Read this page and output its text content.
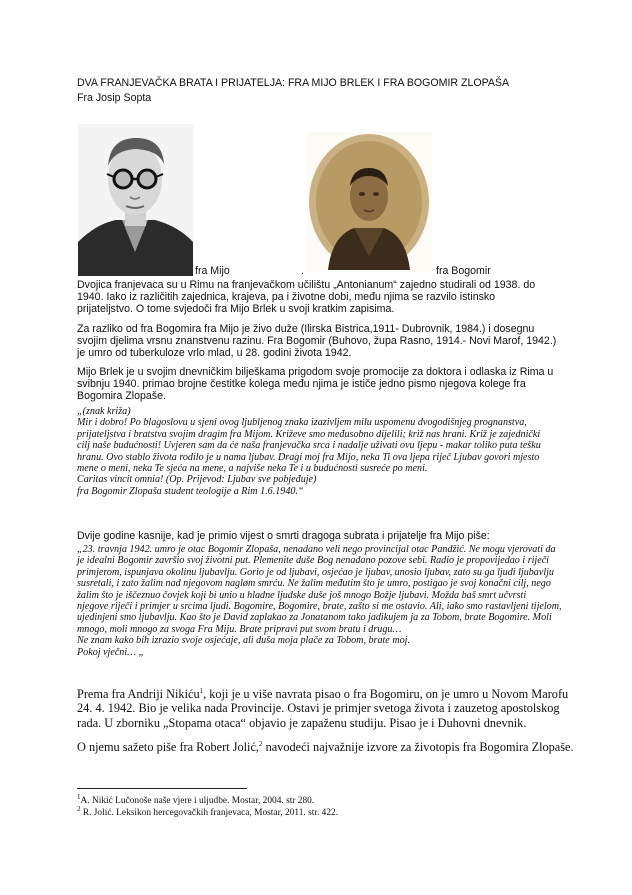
DVA FRANJEVAČKA BRATA I PRIJATELJA: FRA MIJO BRLEK I FRA BOGOMIR ZLOPAŠA
Fra Josip Sopta
fra Mijo	.	fra Bogomir
Dvojica franjevaca su u Rimu na franjevačkom učilištu „Antonianum“ zajedno studirali od 1938. do
1940. Iako iz različitih zajednica, krajeva, pa i životne dobi, među njima se razvilo istinsko
prijateljstvo. O tome svjedoči fra Mijo Brlek u svoji kratkim zapisima.
Za razliko od fra Bogomira fra Mijo je živo duže (Ilirska Bistrica,1911- Dubrovnik, 1984.) i dosegnu
svojim djelima vrsnu znanstvenu razinu. Fra Bogomir (Buhovo, župa Rasno, 1914.- Novi Marof, 1942.)
je umro od tuberkuloze vrlo mlad, u 28. godini života 1942.
Mijo Brlek je u svojim dnevničkim bilješkama prigodom svoje promocije za doktora i odlaska iz Rima u
svibnju 1940. primao brojne čestitke kolega među njima je ističe jedno pismo njegova kolege fra
Bogomira Zlopaše.
„(znak križa)
Mir i dobro! Po blagoslovu u sjeni ovog ljubljenog znaka izazivljem milu uspomenu dvogodišnjeg prognanstva,
prijateljstva i bratstva svojim dragim fra Mijom. Križeve smo međusobno dijelili; križ nas hrani. Križ je zajednički
cilj naše budućnosti! Uvjeren sam da će naša franjevačka srca i nadalje uživati ovu ljepu - makar toliko puta tešku
hranu. Ovo stablo života rodilo je u nama ljubav. Dragi moj fra Mijo, neka Ti ova ljepa riječ Ljubav govori mjesto
mene o meni, neka Te sjeća na mene, a najviše neka Te i u budućnosti susreće po meni.
Caritas vincit omnia! (Op. Prijevod: Ljubav sve pobjeđuje)
fra Bogomir Zlopaša student teologije a Rim 1.6.1940.“
Dvije godine kasnije, kad je primio vijest o smrti dragoga subrata i prijatelje fra Mijo piše:
„23. travnja 1942. umro je otac Bogomir Zlopaša, nenadano veli nego provincijal otac Pandžić. Ne mogu vjerovati da
je idealni Bogomir završio svoj životni put. Plemenite duše Bog nenadano pozove sebi. Radio je propovijedao i riječi
primjerom, ispunjava okolinu ljubavlju. Gorio je od ljubavi, osjećao je ljubav, unosio ljubav, zato su ga ljudi ljubavlju
susretali, i zato žalim nad njegovom nagløm smrću. Ne žalim međutim što je umro, postigao je svoj konačni cilj, nego
žalim što je iščeznuo čovjek koji bi unio u hladne ljudske duše još mnogo Božje ljubavi. Možda baš smrt učvrsti
njegove riječi i primjer u srcima ljudi. Bogomire, Bogomire, brate, zašto si me ostavio. Ali, iako smo rastavljeni tijelom,
ujedinjeni smo ljubavlju. Kao što je David zaplakao za Jonatanom tako jadikujem ja za Tobom, brate Bogomire. Moli
mnogo, moli mnogo za svoga Fra Miju. Brate pripravi put svom bratu i drugu…
Ne znam kako bih izrazio svoje osjećaje, ali duša moja plače za Tobom, brate moj.
Pokoj vječni… „
Prema fra Andriji Nikiću$^1$, koji je u više navrata pisao o fra Bogomiru, on je umro u Novom Marofu
24. 4. 1942. Bio je velika nada Provincije. Ostavi je primjer svetoga života i zauzetog apostolskog
rada. U zborniku „Stopama otaca“ objavio je zapaženu studiju. Pisao je i Duhovni dnevnik.
O njemu sažeto piše fra Robert Jolić,$^2$ navodeći najvažnije izvore za životopis fra Bogomira Zlopaše.
$^1$A. Nikić Lučonoše naše vjere i uljudbe. Mostar, 2004. str 280.
$^2$ R. Jolić. Leksikon hercegovačkih franjevaca, Mostar, 2011. str. 422.
